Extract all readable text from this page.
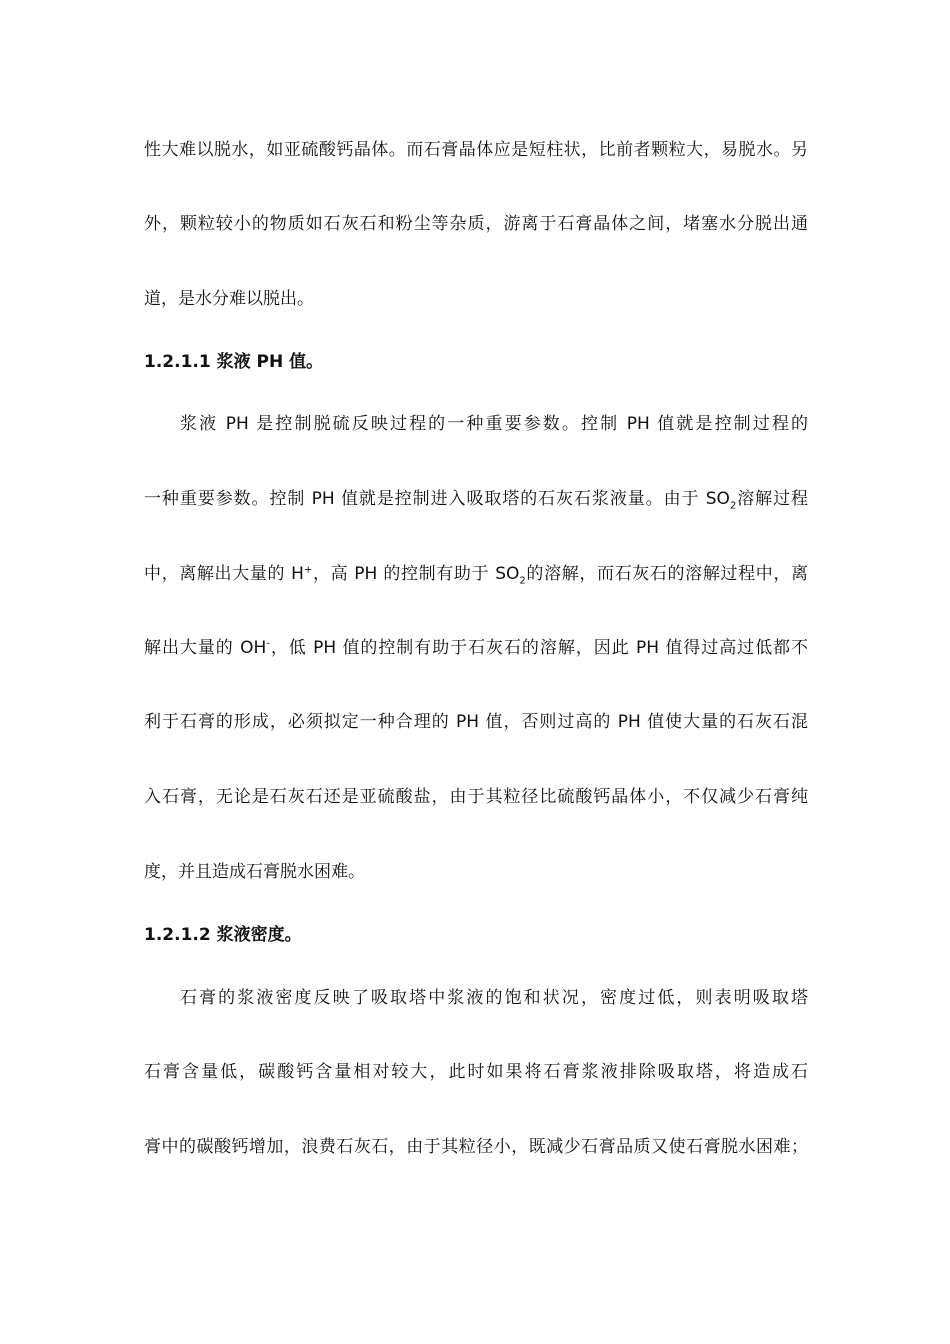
性大难以脱水，如亚硫酸钙晶体。而石膏晶体应是短柱状，比前者颗粒大，易脱水。另
外，颗粒较小的物质如石灰石和粉尘等杂质，游离于石膏晶体之间，堵塞水分脱出通
道，是水分难以脱出。
1.2.1.1 浆液 PH 值。
浆液 PH 是控制脱硫反映过程的一种重要参数。控制 PH 值就是控制过程的
一种重要参数。控制 PH 值就是控制进入吸取塔的石灰石浆液量。由于 $SO_2$溶解过程
中，离解出大量的 H+，高 PH 的控制有助于 $SO_2$的溶解，而石灰石的溶解过程中，离
解出大量的 OH-，低 PH 值的控制有助于石灰石的溶解，因此 PH 值得过高过低都不
利于石膏的形成，必须拟定一种合理的 PH 值，否则过高的 PH 值使大量的石灰石混
入石膏，无论是石灰石还是亚硫酸盐，由于其粒径比硫酸钙晶体小，不仅减少石膏纯
度，并且造成石膏脱水困难。
1.2.1.2 浆液密度。
石膏的浆液密度反映了吸取塔中浆液的饱和状况，密度过低，则表明吸取塔
石膏含量低，碳酸钙含量相对较大，此时如果将石膏浆液排除吸取塔，将造成石
膏中的碳酸钙增加，浪费石灰石，由于其粒径小，既减少石膏品质又使石膏脱水困难；
